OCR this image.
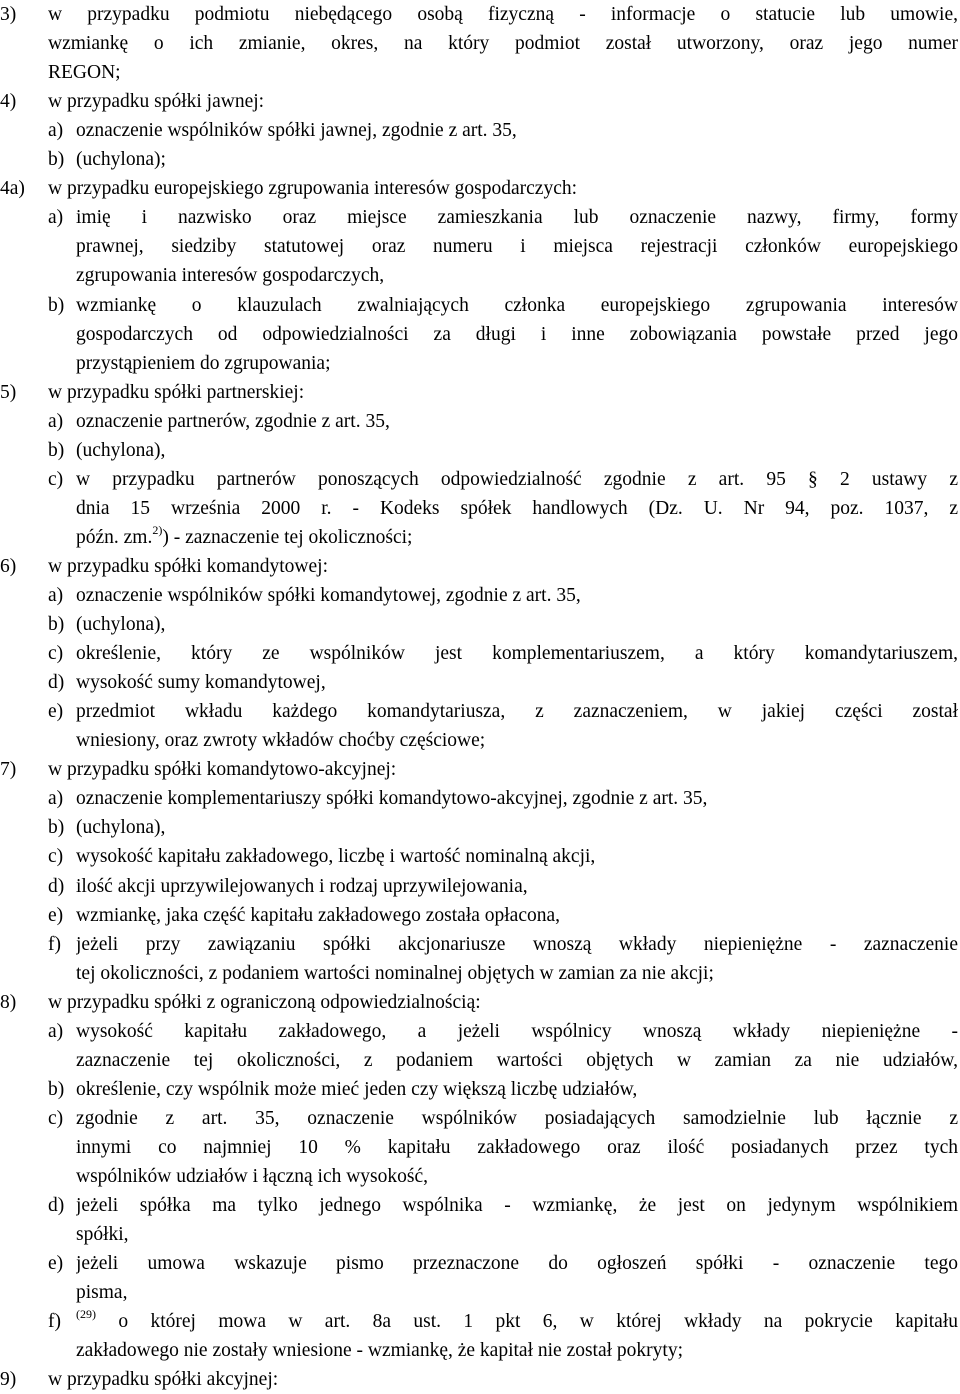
3) w przypadku podmiotu niebędącego osobą fizyczną - informacje o statucie lub umowie,
wzmiankę o ich zmianie, okres, na który podmiot został utworzony, oraz jego numer
REGON;
4) w przypadku spółki jawnej:
a) oznaczenie wspólników spółki jawnej, zgodnie z art. 35,
b) (uchylona);
4a) w przypadku europejskiego zgrupowania interesów gospodarczych:
a) imię i nazwisko oraz miejsce zamieszkania lub oznaczenie nazwy, firmy, formy
prawnej, siedziby statutowej oraz numeru i miejsca rejestracji członków europejskiego
zgrupowania interesów gospodarczych,
b) wzmiankę o klauzulach zwalniających członka europejskiego zgrupowania interesów
gospodarczych od odpowiedzialności za długi i inne zobowiązania powstałe przed jego
przystąpieniem do zgrupowania;
5) w przypadku spółki partnerskiej:
a) oznaczenie partnerów, zgodnie z art. 35,
b) (uchylona),
c) w przypadku partnerów ponoszących odpowiedzialność zgodnie z art. 95 § 2 ustawy z
dnia 15 września 2000 r. - Kodeks spółek handlowych (Dz. U. Nr 94, poz. 1037, z
późn. zm.$^{2)}$) - zaznaczenie tej okoliczności;
6) w przypadku spółki komandytowej:
a) oznaczenie wspólników spółki komandytowej, zgodnie z art. 35,
b) (uchylona),
c) określenie, który ze wspólników jest komplementariuszem, a który komandytariuszem,
d) wysokość sumy komandytowej,
e) przedmiot wkładu każdego komandytariusza, z zaznaczeniem, w jakiej części został
wniesiony, oraz zwroty wkładów choćby częściowe;
7) w przypadku spółki komandytowo-akcyjnej:
a) oznaczenie komplementariuszy spółki komandytowo-akcyjnej, zgodnie z art. 35,
b) (uchylona),
c) wysokość kapitału zakładowego, liczbę i wartość nominalną akcji,
d) ilość akcji uprzywilejowanych i rodzaj uprzywilejowania,
e) wzmiankę, jaka część kapitału zakładowego została opłacona,
f) jeżeli przy zawiązaniu spółki akcjonariusze wnoszą wkłady niepieniężne - zaznaczenie
tej okoliczności, z podaniem wartości nominalnej objętych w zamian za nie akcji;
8) w przypadku spółki z ograniczoną odpowiedzialnością:
a) wysokość kapitału zakładowego, a jeżeli wspólnicy wnoszą wkłady niepieniężne -
zaznaczenie tej okoliczności, z podaniem wartości objętych w zamian za nie udziałów,
b) określenie, czy wspólnik może mieć jeden czy większą liczbę udziałów,
c) zgodnie z art. 35, oznaczenie wspólników posiadających samodzielnie lub łącznie z
innymi co najmniej 10 % kapitału zakładowego oraz ilość posiadanych przez tych
wspólników udziałów i łączną ich wysokość,
d) jeżeli spółka ma tylko jednego wspólnika - wzmiankę, że jest on jedynym wspólnikiem
spółki,
e) jeżeli umowa wskazuje pismo przeznaczone do ogłoszeń spółki - oznaczenie tego
pisma,
f) $^{(29)}$ o której mowa w art. 8a ust. 1 pkt 6, w której wkłady na pokrycie kapitału
zakładowego nie zostały wniesione - wzmiankę, że kapitał nie został pokryty;
9) w przypadku spółki akcyjnej:
